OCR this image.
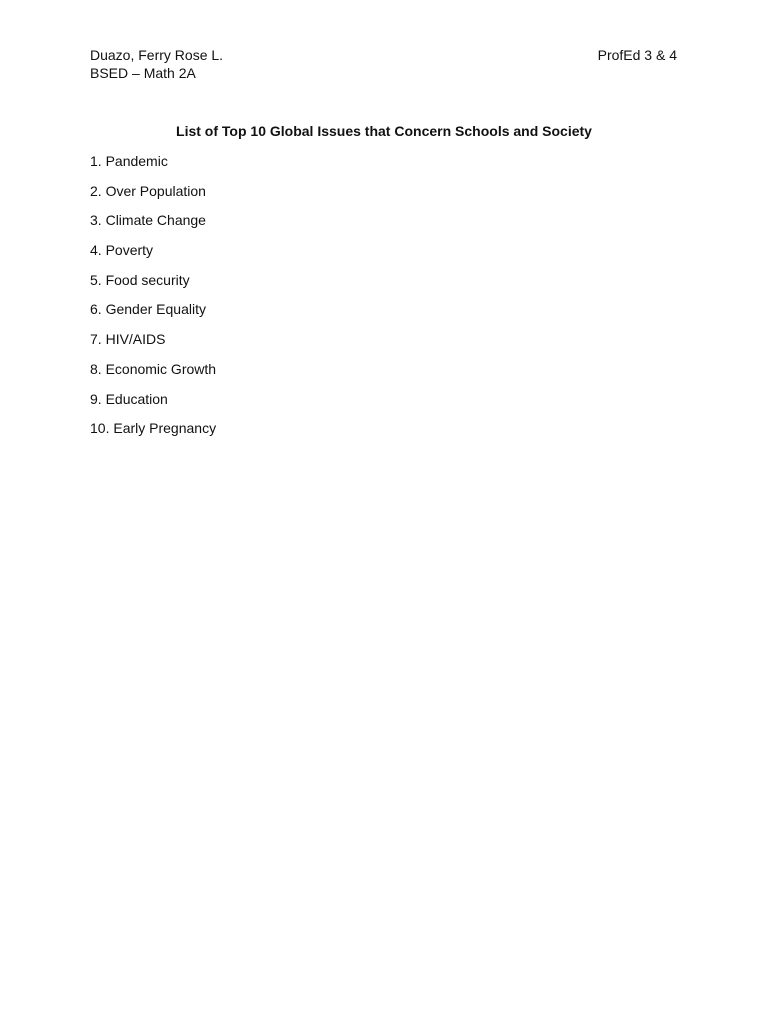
Duazo, Ferry Rose L.
BSED – Math 2A
ProfEd 3 & 4
List of Top 10 Global Issues that Concern Schools and Society
1 . Pandemic
2 . Over Population
3 . Climate Change
4 . Poverty
5 . Food security
6 . Gender Equality
7 . HIV/AIDS
8 . Economic Growth
9 . Education
10 . Early Pregnancy
